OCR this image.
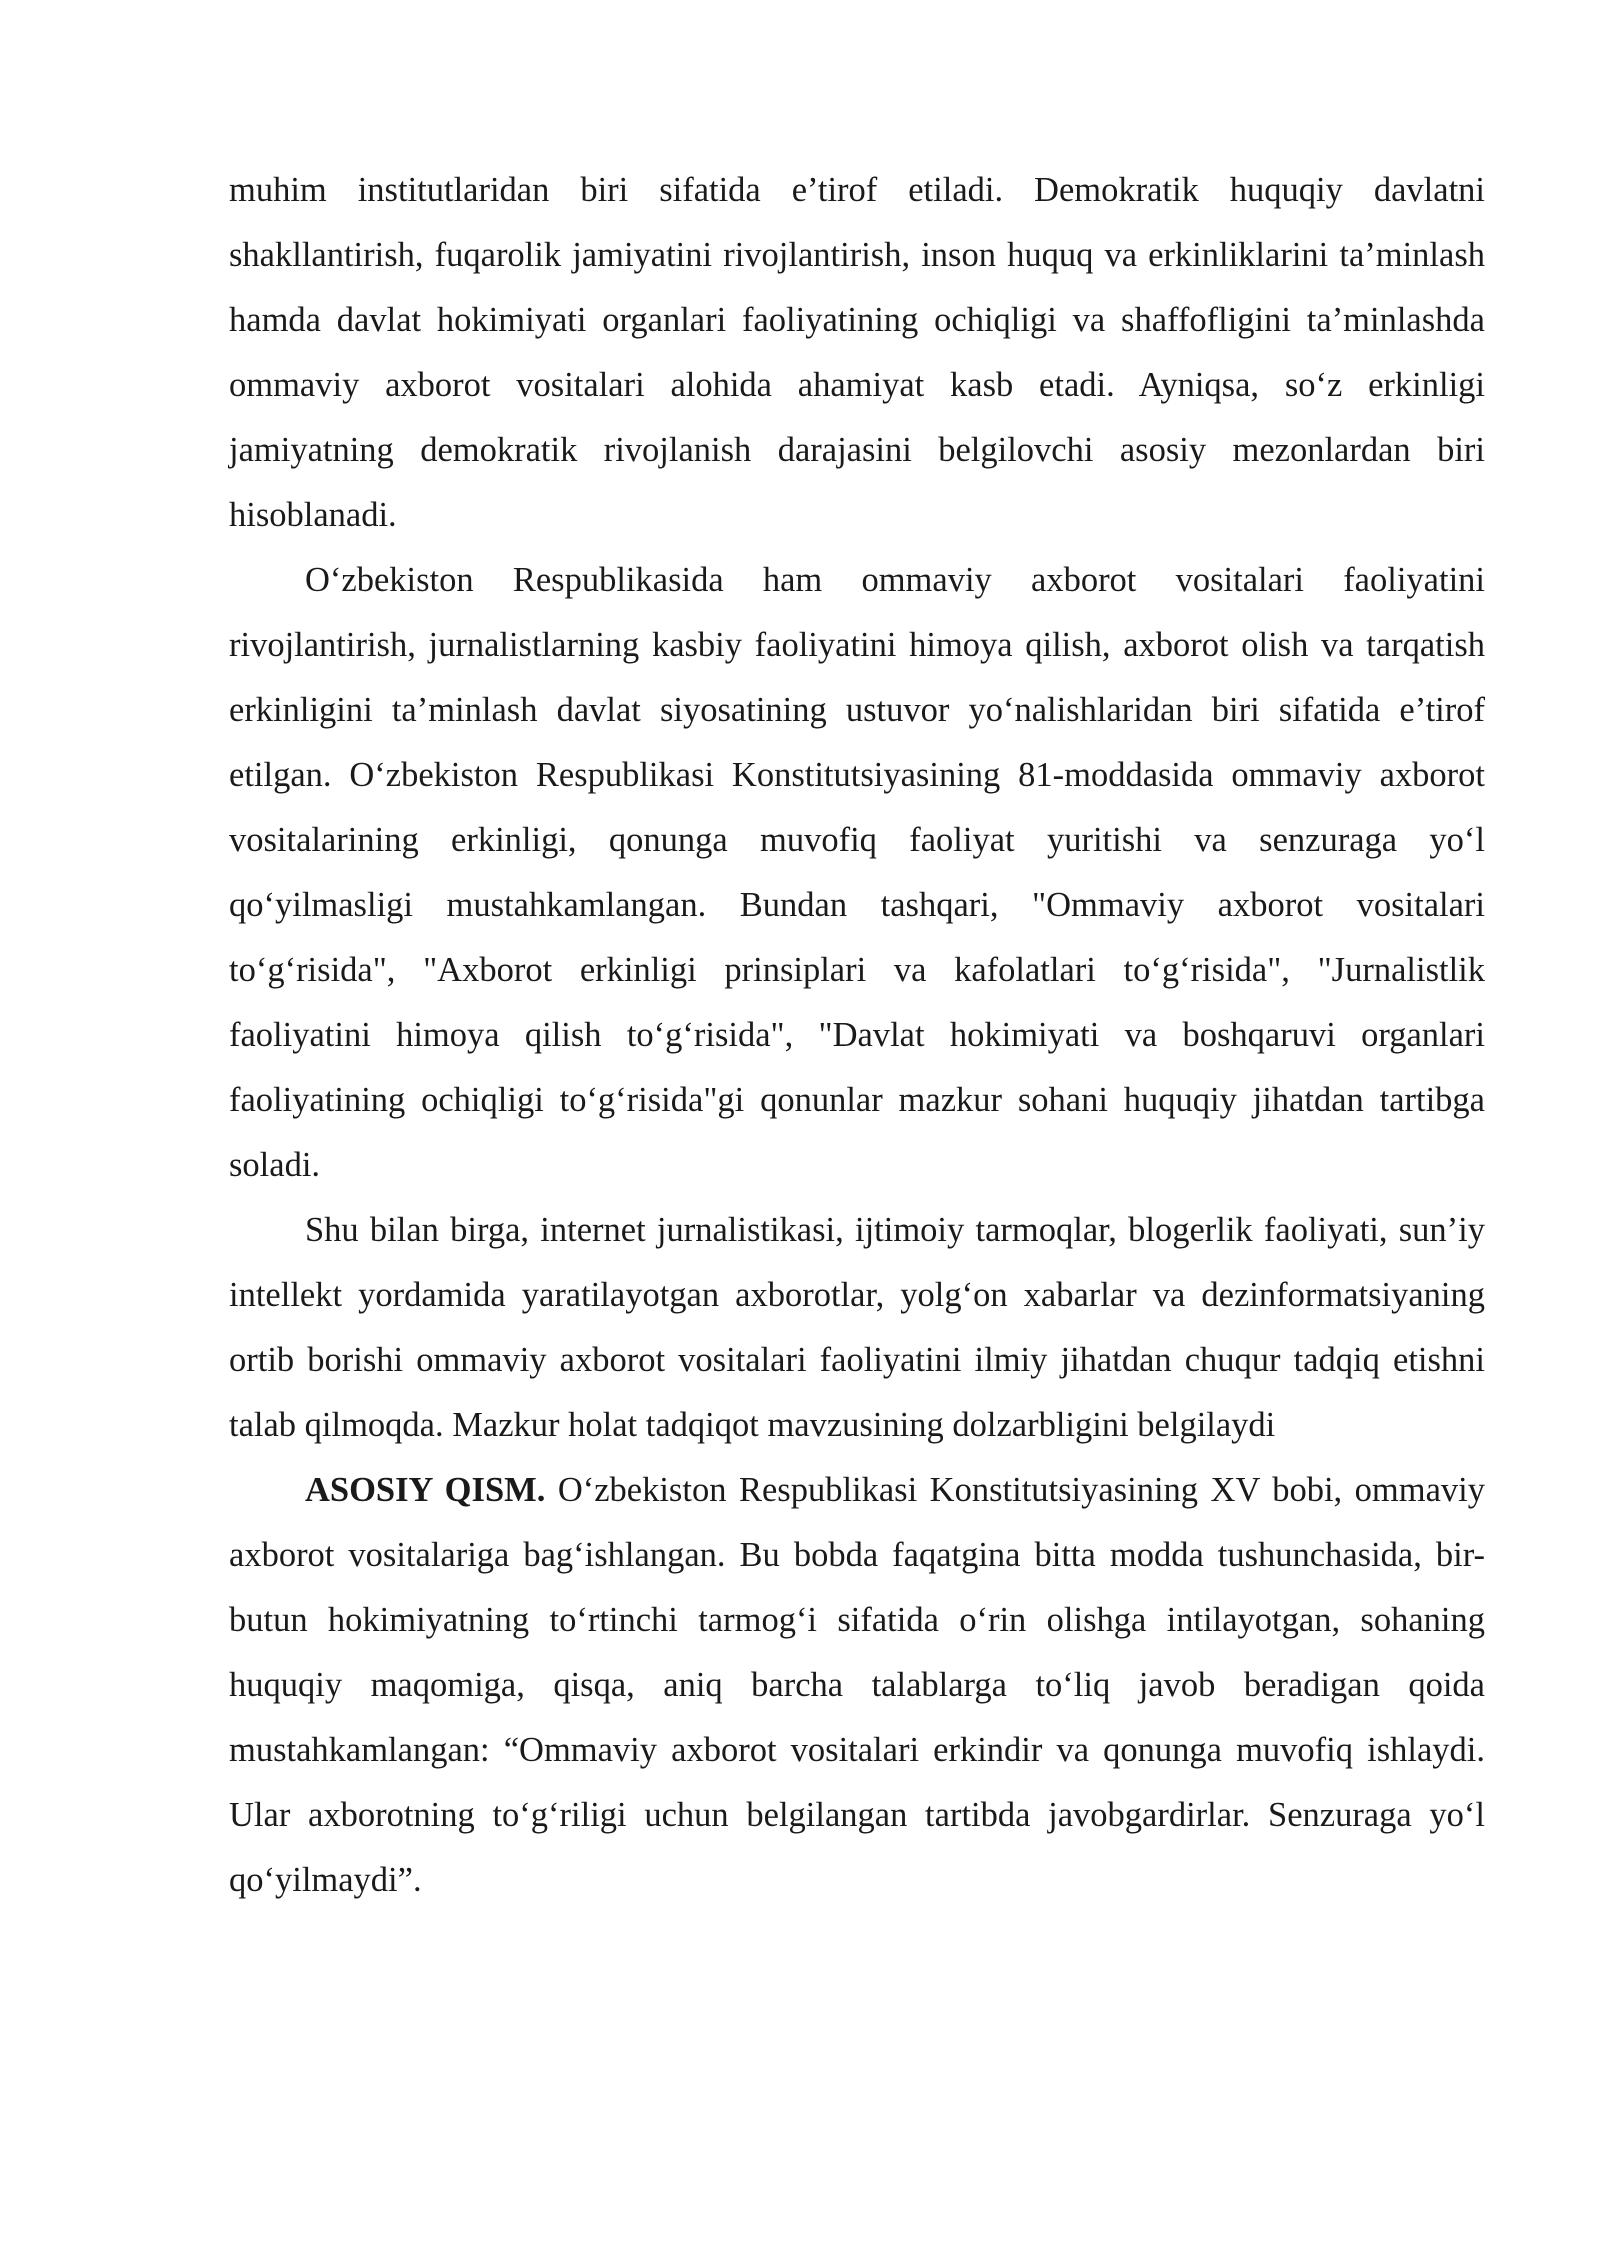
muhim institutlaridan biri sifatida e’tirof etiladi. Demokratik huquqiy davlatni shakllantirish, fuqarolik jamiyatini rivojlantirish, inson huquq va erkinliklarini ta’minlash hamda davlat hokimiyati organlari faoliyatining ochiqligi va shaffofligini ta’minlashda ommaviy axborot vositalari alohida ahamiyat kasb etadi. Ayniqsa, so‘z erkinligi jamiyatning demokratik rivojlanish darajasini belgilovchi asosiy mezonlardan biri hisoblanadi.

O‘zbekiston Respublikasida ham ommaviy axborot vositalari faoliyatini rivojlantirish, jurnalistlarning kasbiy faoliyatini himoya qilish, axborot olish va tarqatish erkinligini ta’minlash davlat siyosatining ustuvor yo‘nalishlaridan biri sifatida e’tirof etilgan. O‘zbekiston Respublikasi Konstitutsiyasining 81-moddasida ommaviy axborot vositalarining erkinligi, qonunga muvofiq faoliyat yuritishi va senzuraga yo‘l qo‘yilmasligi mustahkamlangan. Bundan tashqari, "Ommaviy axborot vositalari to‘g‘risida", "Axborot erkinligi prinsiplari va kafolatlari to‘g‘risida", "Jurnalistlik faoliyatini himoya qilish to‘g‘risida", "Davlat hokimiyati va boshqaruvi organlari faoliyatining ochiqligi to‘g‘risida"gi qonunlar mazkur sohani huquqiy jihatdan tartibga soladi.

Shu bilan birga, internet jurnalistikasi, ijtimoiy tarmoqlar, blogerlik faoliyati, sun’iy intellekt yordamida yaratilayotgan axborotlar, yolg‘on xabarlar va dezinformatsiyaning ortib borishi ommaviy axborot vositalari faoliyatini ilmiy jihatdan chuqur tadqiq etishni talab qilmoqda. Mazkur holat tadqiqot mavzusining dolzarbligini belgilaydi

ASOSIY QISM. O‘zbekiston Respublikasi Konstitutsiyasining XV bobi, ommaviy axborot vositalariga bag‘ishlangan. Bu bobda faqatgina bitta modda tushunchasida, bir-butun hokimiyatning to‘rtinchi tarmog‘i sifatida o‘rin olishga intilayotgan, sohaning huquqiy maqomiga, qisqa, aniq barcha talablarga to‘liq javob beradigan qoida mustahkamlangan: “Ommaviy axborot vositalari erkindir va qonunga muvofiq ishlaydi. Ular axborotning to‘g‘riligi uchun belgilangan tartibda javobgardirlar. Senzuraga yo‘l qo‘yilmaydi”.
